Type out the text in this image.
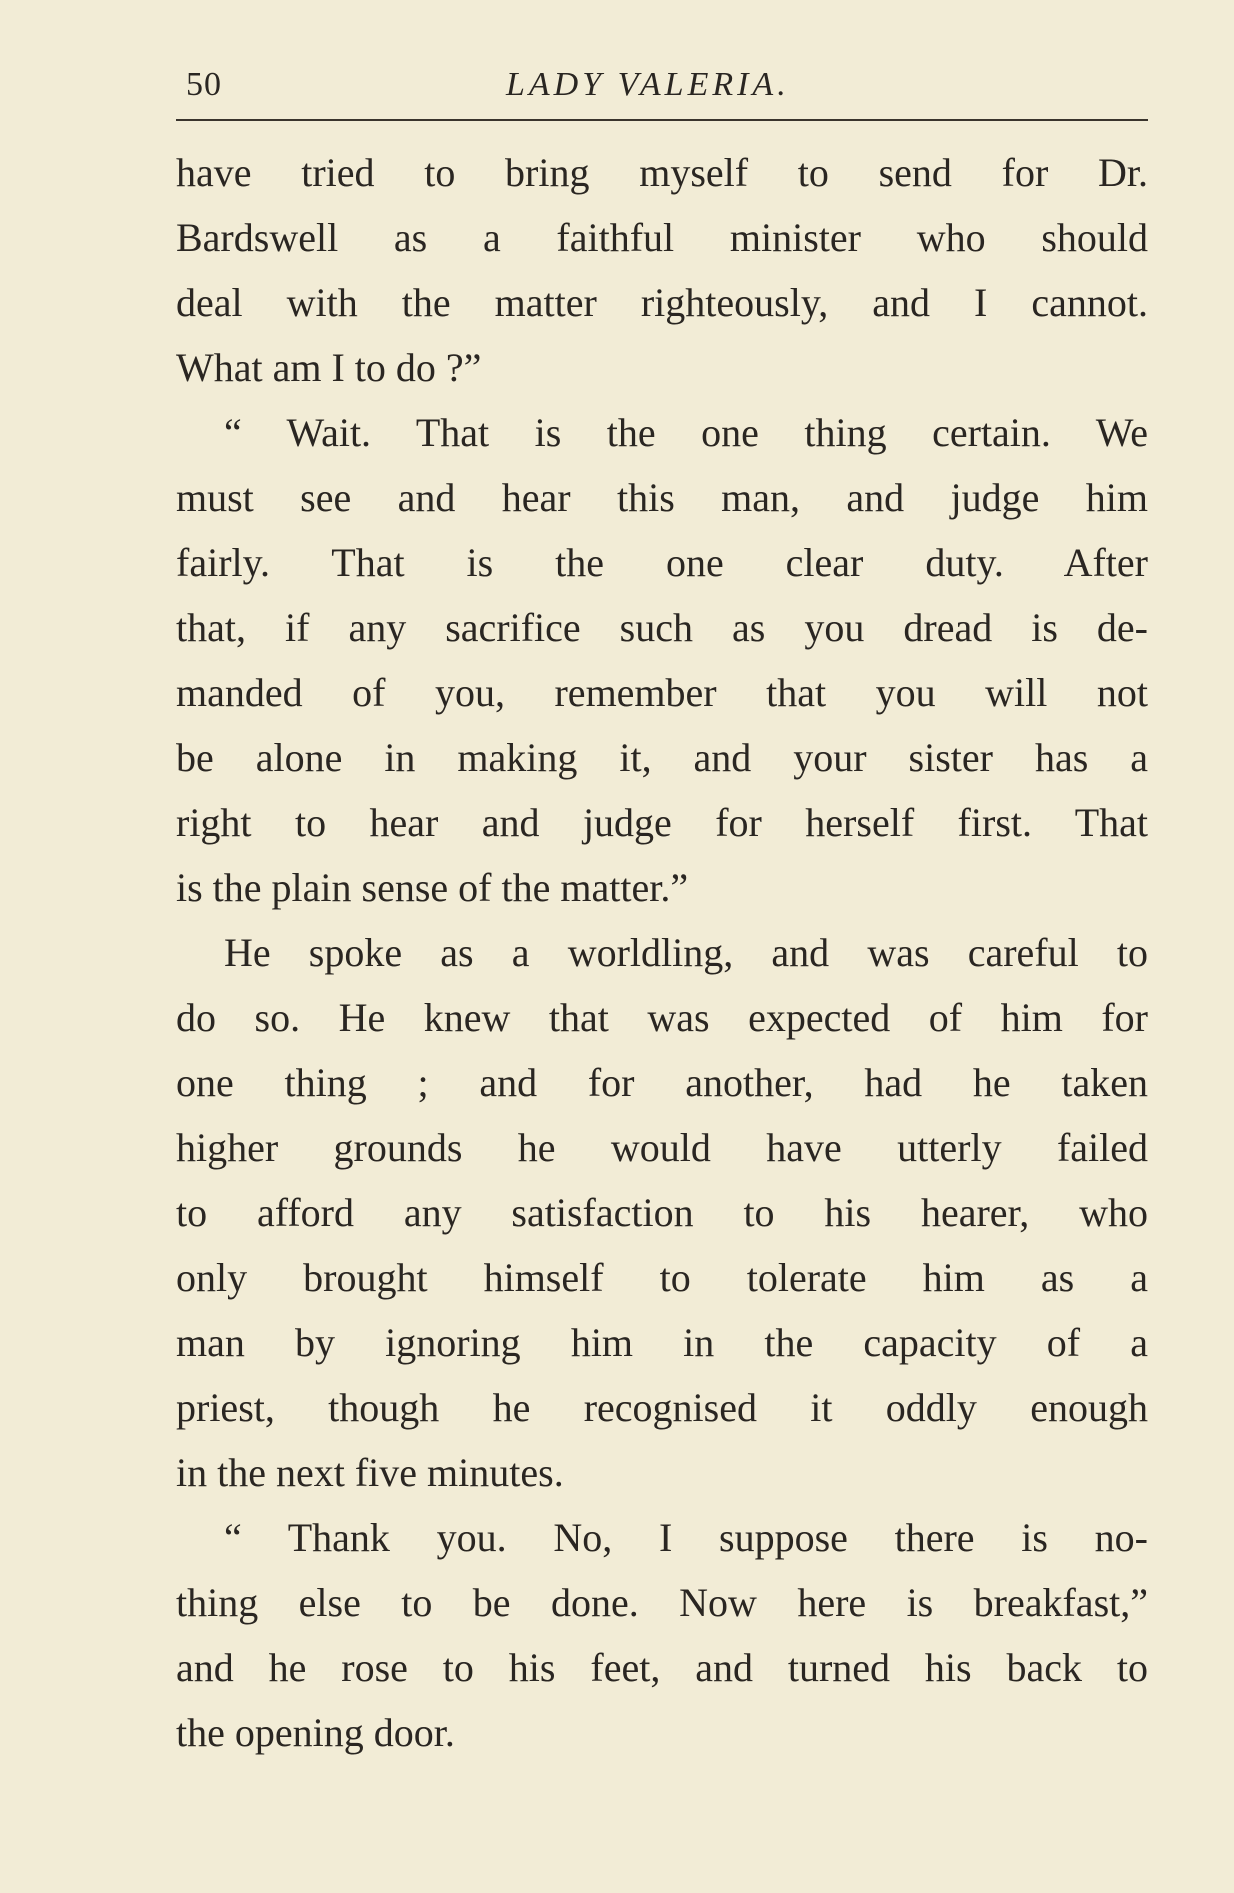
50	LADY VALERIA.
have tried to bring myself to send for Dr.
Bardswell as a faithful minister who should
deal with the matter righteously, and I cannot.
What am I to do ?”
“ Wait. That is the one thing certain. We
must see and hear this man, and judge him
fairly. That is the one clear duty. After
that, if any sacrifice such as you dread is de-
manded of you, remember that you will not
be alone in making it, and your sister has a
right to hear and judge for herself first. That
is the plain sense of the matter.”
He spoke as a worldling, and was careful to
do so. He knew that was expected of him for
one thing ; and for another, had he taken
higher grounds he would have utterly failed
to afford any satisfaction to his hearer, who
only brought himself to tolerate him as a
man by ignoring him in the capacity of a
priest, though he recognised it oddly enough
in the next five minutes.
“ Thank you. No, I suppose there is no-
thing else to be done. Now here is breakfast,”
and he rose to his feet, and turned his back to
the opening door.
